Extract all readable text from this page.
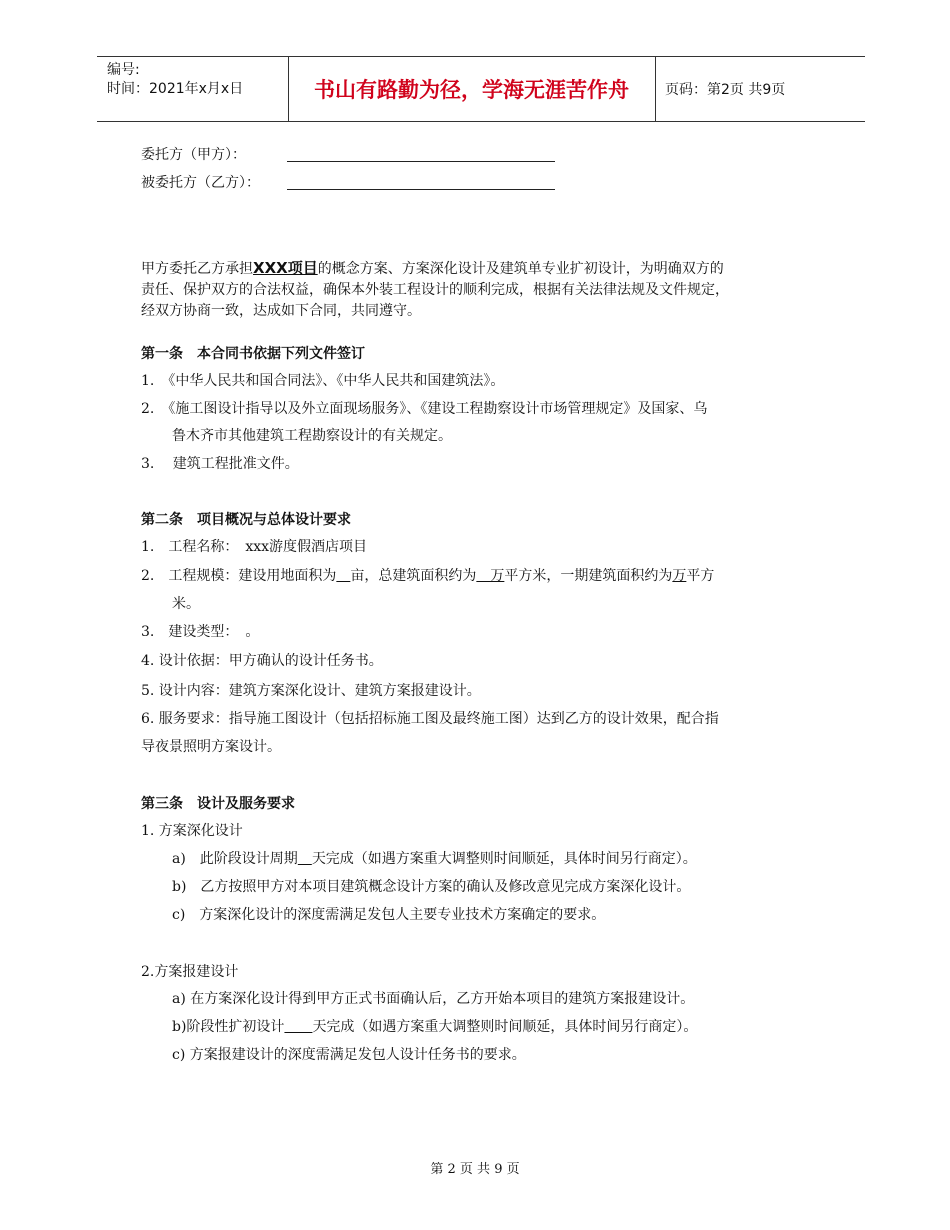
编号:
时间：2021年x月x日	书山有路勤为径，学海无涯苦作舟	页码：第2页 共9页
委托方（甲方）：
被委托方（乙方）：
甲方委托乙方承担XXX项目的概念方案、方案深化设计及建筑单专业扩初设计，为明确双方的
责任、保护双方的合法权益，确保本外装工程设计的顺利完成，根据有关法律法规及文件规定，
经双方协商一致，达成如下合同，共同遵守。
第一条　本合同书依据下列文件签订
1.　《中华人民共和国合同法》、《中华人民共和国建筑法》。
2.　《施工图设计指导以及外立面现场服务》、《建设工程勘察设计市场管理规定》及国家、乌
鲁木齐市其他建筑工程勘察设计的有关规定。
3.　 建筑工程批准文件。
第二条　项目概况与总体设计要求
1.　工程名称：　xxx游度假酒店项目
2.　工程规模：建设用地面积为　 亩，总建筑面积约为　万平方米，一期建筑面积约为万平方
米。
3.　建设类型：　。
4. 设计依据：甲方确认的设计任务书。
5. 设计内容：建筑方案深化设计、建筑方案报建设计。
6. 服务要求：指导施工图设计（包括招标施工图及最终施工图）达到乙方的设计效果，配合指
导夜景照明方案设计。
第三条　设计及服务要求
1. 方案深化设计
a)　此阶段设计周期　 天完成（如遇方案重大调整则时间顺延，具体时间另行商定）。
b)　乙方按照甲方对本项目建筑概念设计方案的确认及修改意见完成方案深化设计。
c)　方案深化设计的深度需满足发包人主要专业技术方案确定的要求。
2.方案报建设计
a) 在方案深化设计得到甲方正式书面确认后，乙方开始本项目的建筑方案报建设计。
b)阶段性扩初设计　　 天完成（如遇方案重大调整则时间顺延，具体时间另行商定）。
c) 方案报建设计的深度需满足发包人设计任务书的要求。
第 2 页 共 9 页
